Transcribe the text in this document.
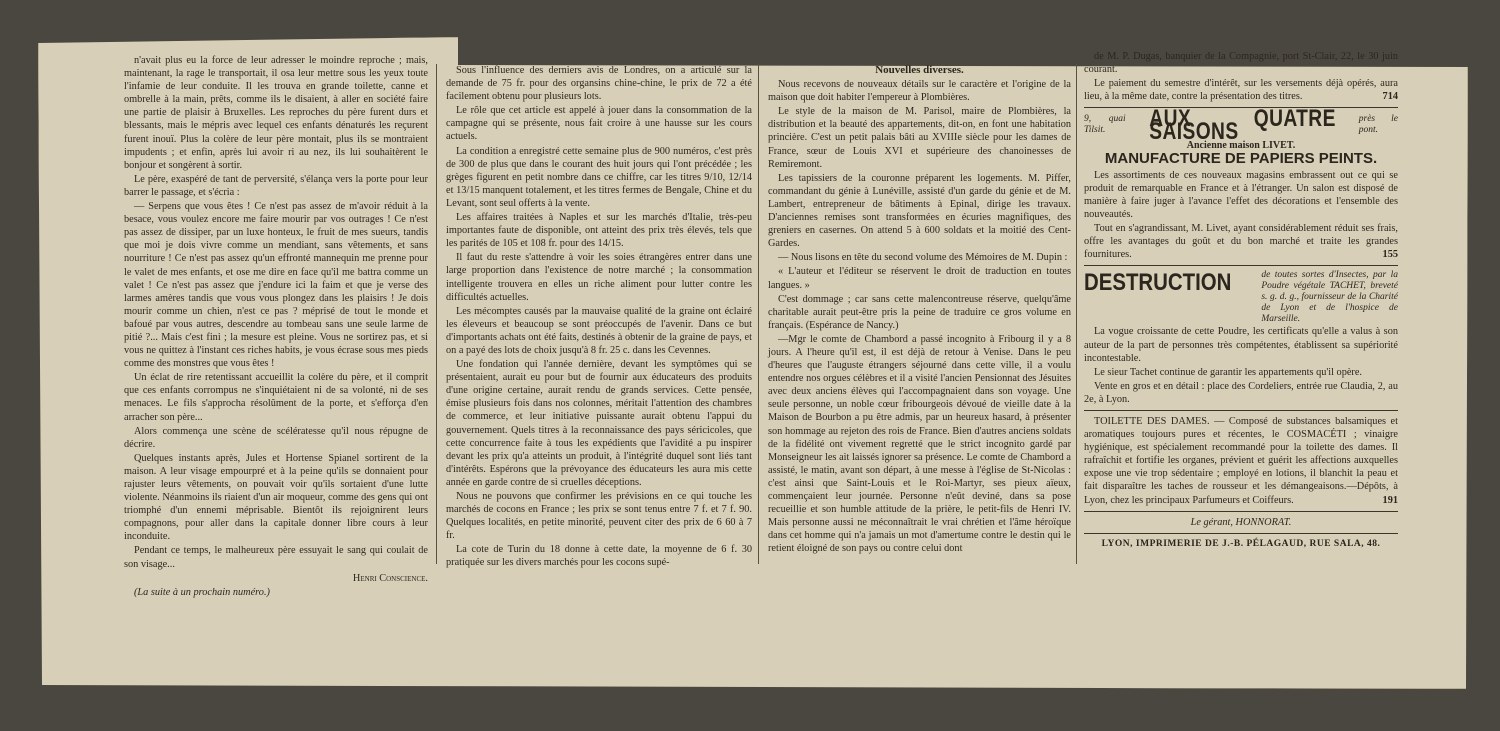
n'avait plus eu la force de leur adresser le moindre reproche ; mais, maintenant, la rage le transportait, il osa leur mettre sous les yeux toute l'infamie de leur conduite. Il les trouva en grande toilette, canne et ombrelle à la main, prêts, comme ils le disaient, à aller en société faire une partie de plaisir à Bruxelles. Les reproches du père furent durs et blessants, mais le mépris avec lequel ces enfants dénaturés les reçurent furent inouï. Plus la colère de leur père montait, plus ils se montraient impudents ; et enfin, après lui avoir ri au nez, ils lui souhaitèrent le bonjour et songèrent à sortir.

Le père, exaspéré de tant de perversité, s'élança vers la porte pour leur barrer le passage, et s'écria :

— Serpens que vous êtes ! Ce n'est pas assez de m'avoir réduit à la besace, vous voulez encore me faire mourir par vos outrages ! Ce n'est pas assez de dissiper, par un luxe honteux, le fruit de mes sueurs, tandis que moi je dois vivre comme un mendiant, sans vêtements, et sans nourriture ! Ce n'est pas assez qu'un effronté mannequin me prenne pour le valet de mes enfants, et ose me dire en face qu'il me battra comme un valet ! Ce n'est pas assez que j'endure ici la faim et que je verse des larmes amères tandis que vous vous plongez dans les plaisirs ! Je dois mourir comme un chien, n'est ce pas ? méprisé de tout le monde et bafoué par vous autres, descendre au tombeau sans une seule larme de pitié ?... Mais c'est fini ; la mesure est pleine. Vous ne sortirez pas, et si vous ne quittez à l'instant ces riches habits, je vous écrase sous mes pieds comme des monstres que vous êtes !

Un éclat de rire retentissant accueillit la colère du père, et il comprit que ces enfants corrompus ne s'inquiétaient ni de sa volonté, ni de ses menaces. Le fils s'approcha résolûment de la porte, et s'efforça d'en arracher son père...

Alors commença une scène de scélératesse qu'il nous répugne de décrire.

Quelques instants après, Jules et Hortense Spianel sortirent de la maison. A leur visage empourpré et à la peine qu'ils se donnaient pour rajuster leurs vêtements, on pouvait voir qu'ils sortaient d'une lutte violente. Néanmoins ils riaient d'un air moqueur, comme des gens qui ont triomphé d'un ennemi méprisable. Bientôt ils rejoignirent leurs compagnons, pour aller dans la capitale donner libre cours à leur inconduite.

Pendant ce temps, le malheureux père essuyait le sang qui coulait de son visage...

Henri Conscience.

(La suite à un prochain numéro.)

Sous l'influence des derniers avis de Londres, on a articulé sur la demande de 75 fr. pour des organsins chine-chine, le prix de 72 a été facilement obtenu pour plusieurs lots.

Le rôle que cet article est appelé à jouer dans la consommation de la campagne qui se présente, nous fait croire à une hausse sur les cours actuels.

La condition a enregistré cette semaine plus de 900 numéros, c'est près de 300 de plus que dans le courant des huit jours qui l'ont précédée ; les grèges figurent en petit nombre dans ce chiffre, car les titres 9/10, 12/14 et 13/15 manquent totalement, et les titres fermes de Bengale, Chine et du Levant, sont seul offerts à la vente.

Les affaires traitées à Naples et sur les marchés d'Italie, très-peu importantes faute de disponible, ont atteint des prix très élevés, tels que les parités de 105 et 108 fr. pour des 14/15.

Il faut du reste s'attendre à voir les soies étrangères entrer dans une large proportion dans l'existence de notre marché ; la consommation intelligente trouvera en elles un riche aliment pour lutter contre les difficultés actuelles.

Les mécomptes causés par la mauvaise qualité de la graine ont éclairé les éleveurs et beaucoup se sont préoccupés de l'avenir. Dans ce but d'importants achats ont été faits, destinés à obtenir de la graine de pays, et on a payé des lots de choix jusqu'à 8 fr. 25 c. dans les Cevennes.

Une fondation qui l'année dernière, devant les symptômes qui se présentaient, aurait eu pour but de fournir aux éducateurs des produits d'une origine certaine, aurait rendu de grands services. Cette pensée, émise plusieurs fois dans nos colonnes, méritait l'attention des chambres de commerce, et leur initiative puissante aurait obtenu l'appui du gouvernement. Quels titres à la reconnaissance des pays séricicoles, que cette concurrence faite à tous les expédients que l'avidité a pu inspirer devant les prix qu'a atteints un produit, à l'intégrité duquel sont liés tant d'intérêts. Espérons que la prévoyance des éducateurs les aura mis cette année en garde contre de si cruelles déceptions.

Nous ne pouvons que confirmer les prévisions en ce qui touche les marchés de cocons en France ; les prix se sont tenus entre 7 f. et 7 f. 90. Quelques localités, en petite minorité, peuvent citer des prix de 6 60 à 7 fr.

La cote de Turin du 18 donne à cette date, la moyenne de 6 f. 30 pratiquée sur les divers marchés pour les cocons supé-

Nouvelles diverses.

Nous recevons de nouveaux détails sur le caractère et l'origine de la maison que doit habiter l'empereur à Plombières.

Le style de la maison de M. Parisol, maire de Plombières, la distribution et la beauté des appartements, dit-on, en font une habitation princière. C'est un petit palais bâti au XVIIIe siècle pour les dames de France, sœur de Louis XVI et supérieure des chanoinesses de Remiremont.

Les tapissiers de la couronne préparent les logements. M. Piffer, commandant du génie à Lunéville, assisté d'un garde du génie et de M. Lambert, entrepreneur de bâtiments à Epinal, dirige les travaux. D'anciennes remises sont transformées en écuries magnifiques, des greniers en casernes. On attend 5 à 600 soldats et la moitié des Cent-Gardes.

— Nous lisons en tête du second volume des Mémoires de M. Dupin :

« L'auteur et l'éditeur se réservent le droit de traduction en toutes langues. »

C'est dommage ; car sans cette malencontreuse réserve, quelqu'âme charitable aurait peut-être pris la peine de traduire ce gros volume en français. (Espérance de Nancy.)

—Mgr le comte de Chambord a passé incognito à Fribourg il y a 8 jours. A l'heure qu'il est, il est déjà de retour à Venise. Dans le peu d'heures que l'auguste étrangers séjourné dans cette ville, il a voulu entendre nos orgues célèbres et il a visité l'ancien Pensionnat des Jésuites avec deux anciens élèves qui l'accompagnaient dans son voyage. Une seule personne, un noble cœur fribourgeois dévoué de vieille date à la Maison de Bourbon a pu être admis, par un heureux hasard, à présenter son hommage au rejeton des rois de France. Bien d'autres anciens soldats de la fidélité ont vivement regretté que le strict incognito gardé par Monseigneur les ait laissés ignorer sa présence. Le comte de Chambord a assisté, le matin, avant son départ, à une messe à l'église de St-Nicolas : c'est ainsi que Saint-Louis et le Roi-Martyr, ses pieux aïeux, commençaient leur journée. Personne n'eût deviné, dans sa pose recueillie et son humble attitude de la prière, le petit-fils de Henri IV. Mais personne aussi ne méconnaîtrait le vrai chrétien et l'âme héroïque dans cet homme qui n'a jamais un mot d'amertume contre le destin qui le retient éloigné de son pays ou contre celui dont

de M. P. Dugas, banquier de la Compagnie, port St-Clair, 22, le 30 juin courant.

Le paiement du semestre d'intérêt, sur les versements déjà opérés, aura lieu, à la même date, contre la présentation des titres.	714

9, quai Tilsit.	AUX QUATRE SAISONS	près le pont.
Ancienne maison LIVET.
MANUFACTURE DE PAPIERS PEINTS.

Les assortiments de ces nouveaux magasins embrassent out ce qui se produit de remarquable en France et à l'étranger. Un salon est disposé de manière à faire juger à l'avance l'effet des décorations et l'ensemble des nouveautés.

Tout en s'agrandissant, M. Livet, ayant considérablement réduit ses frais, offre les avantages du goût et du bon marché et traite les grandes fournitures.	155

DESTRUCTION	de toutes sortes d'Insectes, par la Poudre végétale TACHET, breveté s. g. d. g., fournisseur de la Charité de Lyon et de l'hospice de Marseille.

La vogue croissante de cette Poudre, les certificats qu'elle a valus à son auteur de la part de personnes très compétentes, établissent sa supériorité incontestable.

Le sieur Tachet continue de garantir les appartements qu'il opère.

Vente en gros et en détail : place des Cordeliers, entrée rue Claudia, 2, au 2e, à Lyon.

TOILETTE DES DAMES. — Composé de substances balsamiques et aromatiques toujours pures et récentes, le COSMACÉTI ; vinaigre hygiénique, est spécialement recommandé pour la toilette des dames. Il rafraîchit et fortifie les organes, prévient et guérit les affections auxquelles expose une vie trop sédentaire ; employé en lotions, il blanchit la peau et fait disparaître les taches de rousseur et les démangeaisons.—Dépôts, à Lyon, chez les principaux Parfumeurs et Coiffeurs.	191

Le gérant, HONNORAT.
LYON, IMPRIMERIE DE J.-B. PÉLAGAUD, RUE SALA, 48.
